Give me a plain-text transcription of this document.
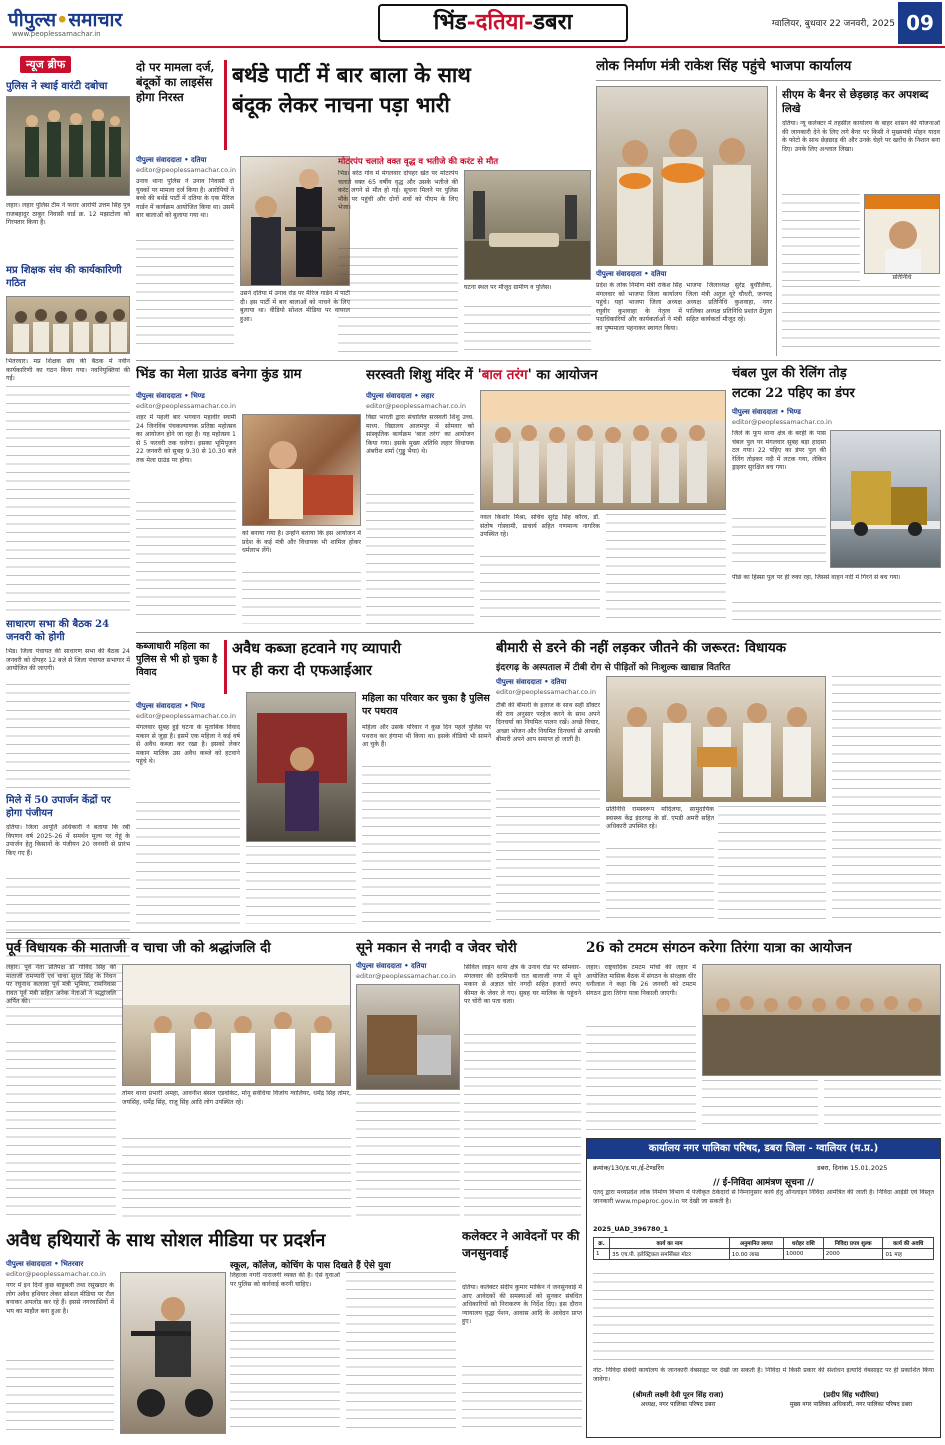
पीपुल्स•समाचार
www.peoplessamachar.in	भिंड-दतिया-डबरा	ग्वालियर, बुधवार 22 जनवरी, 2025 09
न्यूज ब्रीफ
पुलिस ने स्थाई वारंटी दबोचा
लहार। लहार पुलिस टीम ने फरार आरोपी उत्तम सिंह पुत्र राजबहादुर ठाकुर निवासी वार्ड क्र. 12 मझाटोला को गिरफ्तार किया है।
मप्र शिक्षक संघ की कार्यकारिणी गठित
भितरवार। मप्र शिक्षक संघ की बैठक में नवीन कार्यकारिणी का गठन किया गया। नवनियुक्तियां की गईं।
साधारण सभा की बैठक 24 जनवरी को होगी
भिंड। जिला पंचायत की साधारण सभा की बैठक 24 जनवरी को दोपहर 12 बजे से जिला पंचायत सभागार में आयोजित की जाएगी।
मिले में 50 उपार्जन केंद्रों पर होगा पंजीयन
दतिया। जिला आपूर्ति अधिकारी ने बताया कि रबी विपणन वर्ष 2025-26 में समर्थन मूल्य पर गेहूं के उपार्जन हेतु किसानों के पंजीयन 20 जनवरी से प्रारंभ किए गए हैं।
दो पर मामला दर्ज, बंदूकों का लाइसेंस होगा निरस्त
बर्थडे पार्टी में बार बाला के साथ
बंदूक लेकर नाचना पड़ा भारी
पीपुल्स संवाददाता • दतिया
editor@peoplessamachar.co.in
उनाव थाना पुलिस ने उनाव निवासी दो युवकों पर मामला दर्ज किया है। आरोपियों ने बच्चे की बर्थडे पार्टी में दतिया के एक मैरिज गार्डन में कार्यक्रम आयोजित किया था। उसमें बार बालाओं को बुलाया गया था।
उसने दतिया में उनाव रोड पर मैरिज गार्डन में पार्टी दी। इस पार्टी में बार बालाओं को नाचने के लिए बुलाया था। वीडियो सोशल मीडिया पर वायरल हुआ।
मोटरपंप चलाते वक्त वृद्ध व भतीजे की करंट से मौत
भिंड। बरेठ गांव में मंगलवार दोपहर खेत पर मोटरपंप चलाते वक्त 65 वर्षीय वृद्ध और उसके भतीजे की करंट लगने से मौत हो गई। सूचना मिलने पर पुलिस मौके पर पहुंची और दोनों शवों को पीएम के लिए भेजा।
घटना स्थल पर मौजूद ग्रामीण व पुलिस।
लोक निर्माण मंत्री राकेश सिंह पहुंचे भाजपा कार्यालय
पीपुल्स संवाददाता • दतिया
प्रदेश के लोक निर्माण मंत्री राकेश सिंह मंगलवार को भाजपा जिला कार्यालय पहुंचे। यहां भाजपा जिला अध्यक्ष रघुवीर कुशवाहा के नेतृत्व में पदाधिकारियों और कार्यकर्ताओं ने मंत्री का पुष्पमाला पहनाकर स्वागत किया।
भाजपा जिलाध्यक्ष सुरेंद्र बुधौलिया, जिला मंत्री अतुल धूरे चौधरी, जनपद अध्यक्ष प्रतिनिधि कुशवाहा, नगर पालिका अध्यक्ष प्रतिनिधि प्रशांत ढेंगुला सहित कार्यकर्ता मौजूद रहे।
सीएम के बैनर से छेड़छाड़ कर अपशब्द लिखे
दतिया। न्यू कलेक्टर में तहसील कार्यालय के बाहर शासन की योजनाओं की जानकारी देने के लिए लगे बैनर पर किसी ने मुख्यमंत्री मोहन यादव के फोटो के साथ छेड़छाड़ की और उनके चेहरे पर खरोंच के निशान बना दिए। उनके लिए अश्लाल लिखा।
प्रतिनिधि
भिंड का मेला ग्राउंड बनेगा कुंड ग्राम
पीपुल्स संवाददाता • भिण्ड
editor@peoplessamachar.co.in
शहर में पहली बार भगवान महावीर स्वामी 24 जिनविंब पंचकल्याणक प्रतिष्ठा महोत्सव का आयोजन होने जा रहा है। यह महोत्सव 1 से 5 फरवरी तक चलेगा। इसका भूमिपूजन 22 जनवरी को सुबह 9.30 से 10.30 बजे तक मेला ग्राउंड पर होगा।
को बनाया गया है। उन्होंने बताया कि इस आयोजन में प्रदेश के कई मंत्री और विधायक भी शामिल होकर धर्मलाभ लेंगे।
सरस्वती शिशु मंदिर में 'बाल तरंग' का आयोजन
पीपुल्स संवाददाता • लहार
editor@peoplessamachar.co.in
विद्या भारती द्वारा संचालित सरस्वती शिशु उच्च. माध्य. विद्यालय आलमपुर में सोमवार को सांस्कृतिक कार्यक्रम 'बाल तरंग' का आयोजन किया गया। इसके मुख्य अतिथि लहार विधायक अंबरीश शर्मा (गुड्डू भैया) थे।
नवल किशोर मिश्रा, सचिव सुरेंद्र सिंह कौरव, डॉ. संतोष गोस्वामी, प्राचार्य सहित गणमान्य नागरिक उपस्थित रहे।
चंबल पुल की रेलिंग तोड़
लटका 22 पहिए का डंपर
पीपुल्स संवाददाता • भिण्ड
editor@peoplessamachar.co.in
जिले के फूप थाना क्षेत्र के बरही के पास चंबल पुल पर मंगलवार सुबह बड़ा हादसा टल गया। 22 पहिए का डंपर पुल की रेलिंग तोड़कर नदी में लटक गया, लेकिन ड्राइवर सुरक्षित बच गया।
पीछे का हिस्सा पुल पर ही रुका रहा, जिससे वाहन नदी में गिरने से बच गया।
कब्जाधारी महिला का पुलिस से भी हो चुका है विवाद
अवैध कब्जा हटवाने गए व्यापारी
पर ही करा दी एफआईआर
पीपुल्स संवाददाता • भिण्ड
editor@peoplessamachar.co.in
मंगलवार सुबह हुई घटना के मुताबिक विवाद मकान से जुड़ा है। इसमें एक महिला ने कई वर्ष से अवैध कब्जा कर रखा है। इसको लेकर मकान मालिक उस अवैध कब्जे को हटवाने पहुंचे थे।
महिला का परिवार कर चुका है पुलिस पर पथराव
महिला और उसके परिवार ने कुछ दिन पहले पुलिस पर पथराव कर हंगामा भी किया था। इसके वीडियो भी सामने आ चुके हैं।
बीमारी से डरने की नहीं लड़कर जीतने की जरूरत: विधायक
इंदरगढ़ के अस्पताल में टीबी रोग से पीड़ितों को निःशुल्क खाद्यान्न वितरित
पीपुल्स संवाददाता • दतिया
editor@peoplessamachar.co.in
टीबी की बीमारी के इलाज के साथ सही डॉक्टर की राय अनुसार परहेज करने के साथ अपने दिनचर्या का नियमित पालन रखें। अच्छे विचार, अच्छा भोजन और नियमित दिनचर्या से आपकी बीमारी अपने आप समाप्त हो जाती है।
प्रतिनिधि रामस्वरूप मोदिलया, सामुदायिक स्वास्थ्य केंद्र इंदरगढ़ के डॉ. एमडी अमरी सहित अधिकारी उपस्थित रहे।
पूर्व विधायक की माताजी व चाचा जी को श्रद्धांजलि दी
लहार। पूर्व नेता प्रतिपक्ष डॉ गोविंद सिंह की माताजी रामप्यारी एवं चाचा सुरत सिंह के निधन पर रघुनाथ कलावा पूर्व मंत्री भूमिया, रामनिवास रावत पूर्व मंत्री सहित अनेक नेताओं ने श्रद्धांजलि अर्पित की।
तोमर थाना प्रभारी अमहा, आवनीश बंसल एडवोकेट, मोनू सर्वधिया विजोय ग्वालियर, धर्मेंद्र सिंह तोमर, जयसिंह, धर्मेंद्र सिंह, राजू सिंह आदि लोग उपस्थित रहे।
सूने मकान से नगदी व जेवर चोरी
पीपुल्स संवाददाता • दतिया
editor@peoplessamachar.co.in
सिविल लाइन थाना क्षेत्र के उनाव रोड पर सोमवार-मंगलवार की दरमियानी रात बालाजी नगर में सूने मकान से अज्ञात चोर नगदी सहित हजारों रुपए कीमत के जेवर ले गए। सुबह घर मालिक के पहुंचने पर चोरी का पता चला।
26 को टमटम संगठन करेगा तिरंगा यात्रा का आयोजन
लहार। राष्ट्रवादिक टमटम मोर्चा की लहार में आयोजित मासिक बैठक में संगठन के संरक्षक धीर धनीलाल ने कहा कि 26 जनवरी को टमटम संगठन द्वारा तिरंगा यात्रा निकाली जाएगी।
कार्यालय नगर पालिका परिषद, डबरा जिला - ग्वालियर (म.प्र.)
क्रमांक/130/ड.पा./ई-टेण्डरिंग	डबरा, दिनांक 15.01.2025
// ई-निविदा आमंत्रण सूचना //
एतद् द्वारा मध्यप्रदेश लोक निर्माण विभाग में पंजीकृत ठेकेदारों से निम्नानुसार कार्य हेतु ऑनलाइन निविदा आमंत्रित की जाती है। निविदा आईडी एवं विस्तृत जानकारी www.mpeproc.gov.in पर देखी जा सकती है।
2025_UAD_396780_1
क्र.	कार्य का नाम	अनुमानित लागत	धरोहर राशि	निविदा प्रपत्र शुल्क	कार्य की अवधि
1	35 एच.पी. इलेक्ट्रिकल समर्सिबल मोटर	10.00 लाख	10000	2000	01 माह
नोट- निविदा संबंधी कार्यालय के जानकारी वेबसाइट पर देखी जा सकती है। निविदा में किसी प्रकार की संशोधन इत्यादि वेबसाइट पर ही प्रकाशित किया जावेगा।
(श्रीमती लक्ष्मी देवी पूरन सिंह राजा)
अध्यक्ष, नगर पालिका परिषद डबरा
(प्रदीप सिंह भदौरिया)
मुख्य नगर पालिका अधिकारी, नगर पालिका परिषद डबरा
अवैध हथियारों के साथ सोशल मीडिया पर प्रदर्शन
स्कूल, कॉलेज, कोचिंग के पास दिखते हैं ऐसे युवा
पीपुल्स संवाददाता • भितरवार
editor@peoplessamachar.co.in
नगर में इन दिनों कुछ बाहुबली तथा रसूखदार के लोग अवैध हथियार लेकर सोशल मीडिया पर रील बनाकर अपलोड कर रहे हैं। इससे नगरवासियों में भय का माहौल बना हुआ है।
लिहाजा नगरी नाराजगी व्यक्त की है। ऐसे युवाओं पर पुलिस को कार्रवाई करनी चाहिए।
कलेक्टर ने आवेदनों पर की जनसुनवाई
दतिया। कलेक्टर संदीप कुमार माकिन ने जनसुनवाई में आए आवेदकों की समस्याओं को सुनकर संबंधित अधिकारियों को निराकरण के निर्देश दिए। इस दौरान न्यायालय वृद्धा पेंशन, आवास आदि के आवेदन प्राप्त हुए।
